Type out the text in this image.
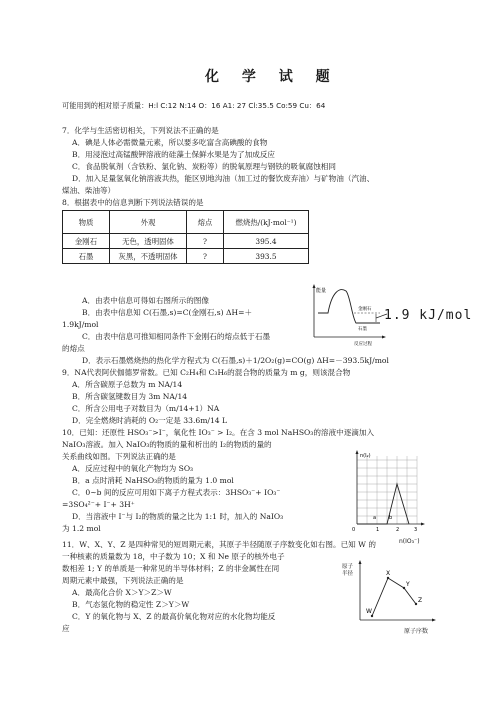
化 学 试 题
可能用到的相对原子质量：H:l C:12 N:14 O：16 A1: 27 Cl:35.5 Co:59 Cu：64
7．化学与生活密切相关，下列说法不正确的是
A．碘是人体必需微量元素，所以要多吃富含高碘酸的食物
B．用浸泡过高锰酸钾溶液的硅藻土保鲜水果是为了加成反应
C．食品脱氧剂（含铁粉、氯化钠、炭粉等）的脱氧原理与钢铁的吸氧腐蚀相同
D．加入足量氢氧化钠溶液共热，能区别地沟油（加工过的餐饮废弃油）与矿物油（汽油、
煤油、柴油等）
8．根据表中的信息判断下列说法错误的是
物质	外观	熔点	燃烧热/(kJ·mol⁻¹)
金刚石	无色，透明固体	?	395.4
石墨	灰黑，不透明固体	?	393.5
A．由表中信息可得如右图所示的图像
B．由表中信息知 C(石墨,s)=C(金刚石,s) ΔH=＋
1.9kJ/mol
C．由表中信息可推知相同条件下金刚石的熔点低于石墨
的熔点
D．表示石墨燃烧热的热化学方程式为 C(石墨,s)＋1/2O₂(g)=CO(g) ΔH=－393.5kJ/mol
能量
金刚石
石墨
反应过程
1.9 kJ/mol
9．NA代表阿伏伽德罗常数。已知 C₂H₄和 C₃H₆的混合物的质量为 m g，则该混合物
A．所含碳原子总数为 m NA/14
B．所含碳氢键数目为 3m NA/14
C．所含公用电子对数目为（m/14+1）NA
D．完全燃烧时消耗的 O₂一定是 33.6m/14 L
10．已知：还原性 HSO₃⁻>I⁻，氧化性 IO₃⁻ > I₂。在含 3 mol NaHSO₃的溶液中逐滴加入
NaIO₃溶液。加入 NaIO₃的物质的量和析出的 I₂的物质的量的
关系曲线如图。下列说法正确的是
A．反应过程中的氧化产物均为 SO₃
B．a 点时消耗 NaHSO₃的物质的量为 1.0 mol
C．0~b 间的反应可用如下离子方程式表示：3HSO₃⁻+ IO₃⁻
=3SO₄²⁻+ I⁻+ 3H⁺
D．当溶液中 I⁻与 I₂的物质的量之比为 1:1 时，加入的 NaIO₃
为 1.2 mol
n(I₂)
0
a	b
1	2	3
n(IO₃⁻)
11．W、X、Y、Z 是四种常见的短周期元素，其原子半径随原子序数变化如右图。已知 W 的
一种核素的质量数为 18，中子数为 10；X 和 Ne 原子的核外电子
数相差 1; Y 的单质是一种常见的半导体材料；Z 的非金属性在同
周期元素中最强，下列说法正确的是
A．最高化合价 X＞Y＞Z＞W
B．气态氢化物的稳定性 Z＞Y＞W
C．Y 的氧化物与 X、Z 的最高价氧化物对应的水化物均能反
应
原子
半径
W
X
Y
Z
原子序数
